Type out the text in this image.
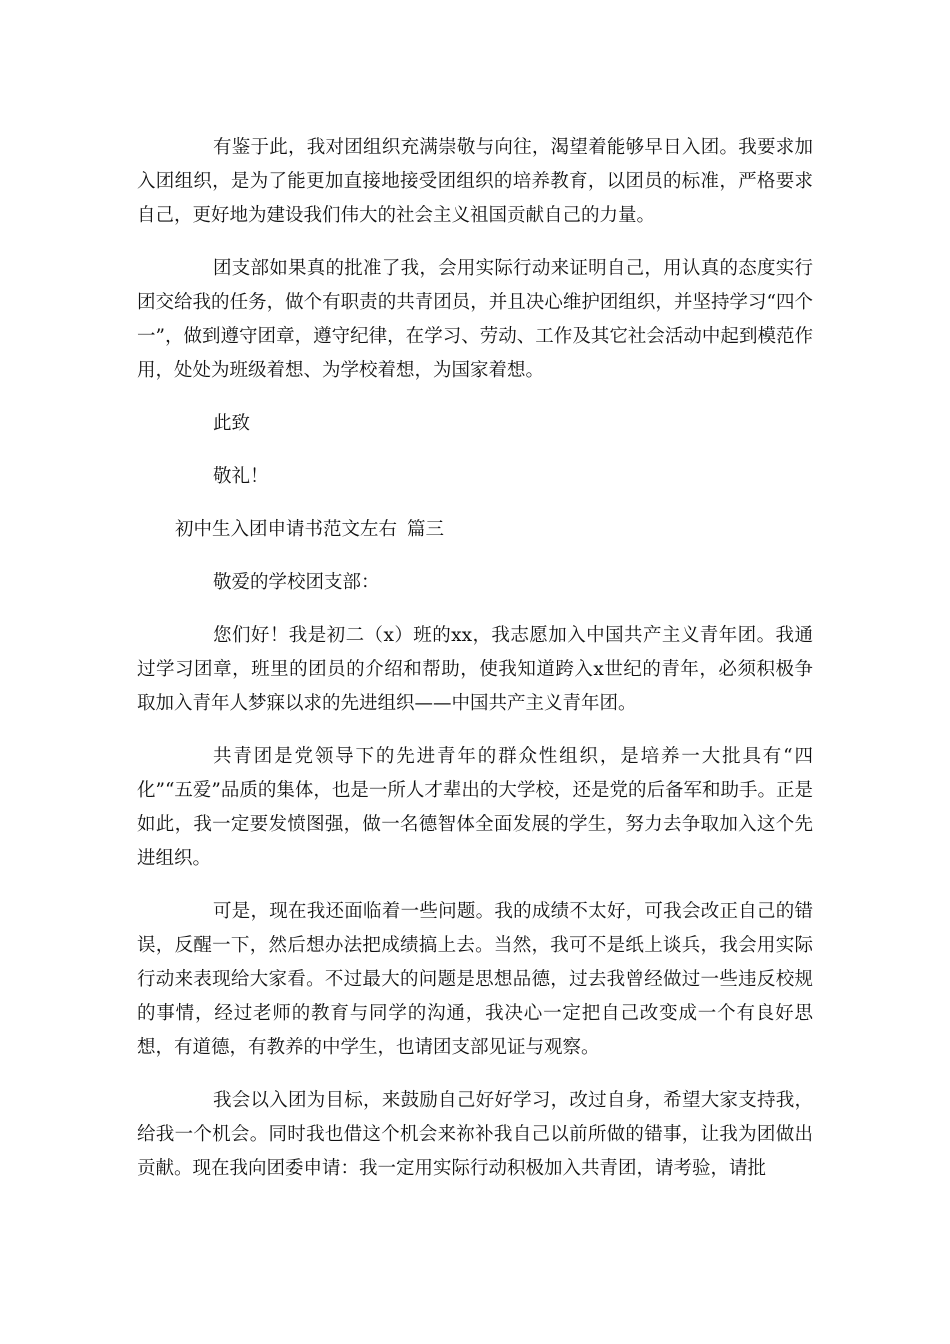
有鉴于此，我对团组织充满崇敬与向往，渴望着能够早日入团。我要求加入团组织，是为了能更加直接地接受团组织的培养教育，以团员的标准，严格要求自己，更好地为建设我们伟大的社会主义祖国贡献自己的力量。

团支部如果真的批准了我，会用实际行动来证明自己，用认真的态度实行团交给我的任务，做个有职责的共青团员，并且决心维护团组织，并坚持学习“四个一”，做到遵守团章，遵守纪律，在学习、劳动、工作及其它社会活动中起到模范作用，处处为班级着想、为学校着想，为国家着想。

此致

敬礼！

初中生入团申请书范文左右 篇三

敬爱的学校团支部：

您们好！我是初二（x）班的xx，我志愿加入中国共产主义青年团。我通过学习团章，班里的团员的介绍和帮助，使我知道跨入x世纪的青年，必须积极争取加入青年人梦寐以求的先进组织——中国共产主义青年团。

共青团是党领导下的先进青年的群众性组织，是培养一大批具有“四化”“五爱”品质的集体，也是一所人才辈出的大学校，还是党的后备军和助手。正是如此，我一定要发愤图强，做一名德智体全面发展的学生，努力去争取加入这个先进组织。

可是，现在我还面临着一些问题。我的成绩不太好，可我会改正自己的错误，反醒一下，然后想办法把成绩搞上去。当然，我可不是纸上谈兵，我会用实际行动来表现给大家看。不过最大的问题是思想品德，过去我曾经做过一些违反校规的事情，经过老师的教育与同学的沟通，我决心一定把自己改变成一个有良好思想，有道德，有教养的中学生，也请团支部见证与观察。

我会以入团为目标，来鼓励自己好好学习，改过自身，希望大家支持我，给我一个机会。同时我也借这个机会来祢补我自己以前所做的错事，让我为团做出贡献。现在我向团委申请：我一定用实际行动积极加入共青团，请考验，请批
